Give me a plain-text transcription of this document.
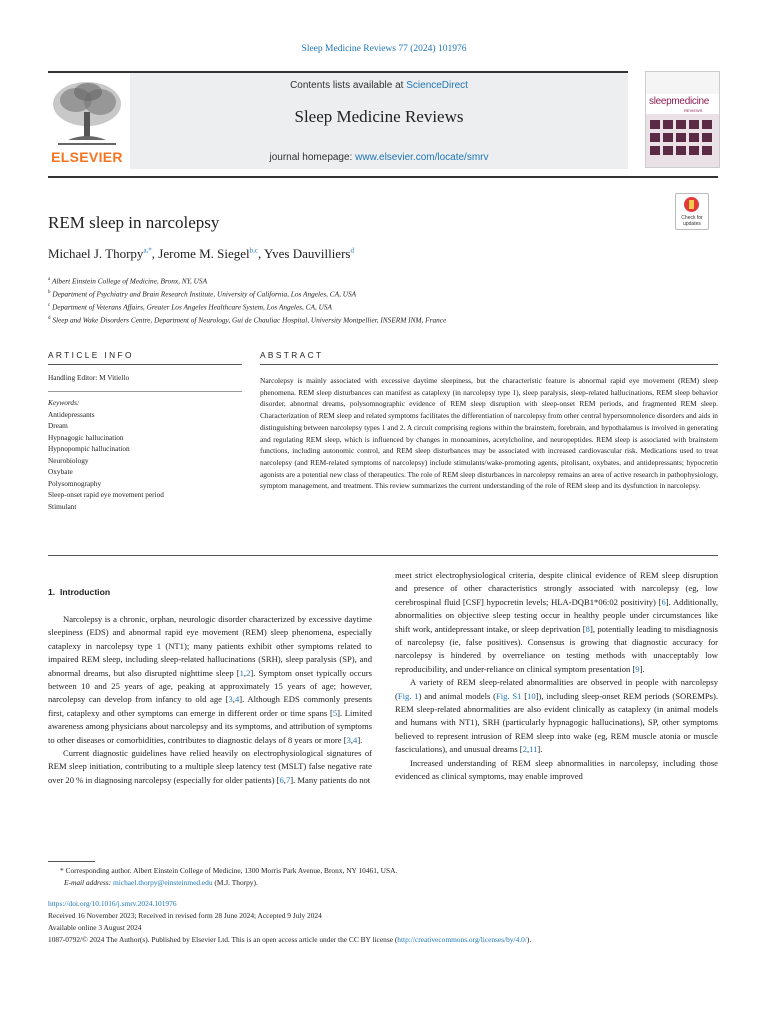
Sleep Medicine Reviews 77 (2024) 101976
ELSEVIER
Contents lists available at ScienceDirect
Sleep Medicine Reviews
journal homepage: www.elsevier.com/locate/smrv
sleepmedicine
REVIEWS
Check for updates
REM sleep in narcolepsy
Michael J. Thorpy$^{a,*}$, Jerome M. Siegel$^{b,c}$, Yves Dauvilliers$^d$
$^a$ Albert Einstein College of Medicine, Bronx, NY, USA
$^b$ Department of Psychiatry and Brain Research Institute, University of California, Los Angeles, CA, USA
$^c$ Department of Veterans Affairs, Greater Los Angeles Healthcare System, Los Angeles, CA, USA
$^d$ Sleep and Wake Disorders Centre, Department of Neurology, Gui de Chauliac Hospital, University Montpellier, INSERM INM, France
ARTICLE INFO	ABSTRACT
Handling Editor: M Vitiello
Keywords:
Antidepressants
Dream
Hypnagogic hallucination
Hypnopompic hallucination
Neurobiology
Oxybate
Polysomnography
Sleep-onset rapid eye movement period
Stimulant
Narcolepsy is mainly associated with excessive daytime sleepiness, but the characteristic feature is abnormal rapid eye movement (REM) sleep phenomena. REM sleep disturbances can manifest as cataplexy (in narcolepsy type 1), sleep paralysis, sleep-related hallucinations, REM sleep behavior disorder, abnormal dreams, polysomnographic evidence of REM sleep disruption with sleep-onset REM periods, and fragmented REM sleep. Characterization of REM sleep and related symptoms facilitates the differentiation of narcolepsy from other central hypersomnolence disorders and aids in distinguishing between narcolepsy types 1 and 2. A circuit comprising regions within the brainstem, forebrain, and hypothalamus is involved in generating and regulating REM sleep, which is influenced by changes in monoamines, acetylcholine, and neuropeptides. REM sleep is associated with brainstem functions, including autonomic control, and REM sleep disturbances may be associated with increased cardiovascular risk. Medications used to treat narcolepsy (and REM-related symptoms of narcolepsy) include stimulants/wake-promoting agents, pitolisant, oxybates, and antidepressants; hypocretin agonists are a potential new class of therapeutics. The role of REM sleep disturbances in narcolepsy remains an area of active research in pathophysiology, symptom management, and treatment. This review summarizes the current understanding of the role of REM sleep and its dysfunction in narcolepsy.
1. Introduction

Narcolepsy is a chronic, orphan, neurologic disorder characterized by excessive daytime sleepiness (EDS) and abnormal rapid eye movement (REM) sleep phenomena, especially cataplexy in narcolepsy type 1 (NT1); many patients exhibit other symptoms related to impaired REM sleep, including sleep-related hallucinations (SRH), sleep paralysis (SP), and abnormal dreams, but also disrupted nighttime sleep [1,2]. Symptom onset typically occurs between 10 and 25 years of age, peaking at approximately 15 years of age; however, narcolepsy can develop from infancy to old age [3,4]. Although EDS commonly presents first, cataplexy and other symptoms can emerge in different order or time spans [5]. Limited awareness among physicians about narcolepsy and its symptoms, and attribution of symptoms to other diseases or comorbidities, contributes to diagnostic delays of 8 years or more [3,4].

Current diagnostic guidelines have relied heavily on electrophysiological signatures of REM sleep initiation, contributing to a multiple sleep latency test (MSLT) false negative rate over 20 % in diagnosing narcolepsy (especially for older patients) [6,7]. Many patients do not

meet strict electrophysiological criteria, despite clinical evidence of REM sleep disruption and presence of other characteristics strongly associated with narcolepsy (eg, low cerebrospinal fluid [CSF] hypocretin levels; HLA-DQB1*06:02 positivity) [6]. Additionally, abnormalities on objective sleep testing occur in healthy people under circumstances like shift work, antidepressant intake, or sleep deprivation [8], potentially leading to misdiagnosis of narcolepsy (ie, false positives). Consensus is growing that diagnostic accuracy for narcolepsy is hindered by overreliance on testing methods with unacceptably low reproducibility, and under-reliance on clinical symptom presentation [9].

A variety of REM sleep-related abnormalities are observed in people with narcolepsy (Fig. 1) and animal models (Fig. S1 [10]), including sleep-onset REM periods (SOREMPs). REM sleep-related abnormalities are also evident clinically as cataplexy (in animal models and humans with NT1), SRH (particularly hypnagogic hallucinations), SP, other symptoms believed to represent intrusion of REM sleep into wake (eg, REM muscle atonia or muscle fasciculations), and unusual dreams [2,11].

Increased understanding of REM sleep abnormalities in narcolepsy, including those evidenced as clinical symptoms, may enable improved

* Corresponding author. Albert Einstein College of Medicine, 1300 Morris Park Avenue, Bronx, NY 10461, USA.
E-mail address: michael.thorpy@einsteinmed.edu (M.J. Thorpy).
https://doi.org/10.1016/j.smrv.2024.101976
Received 16 November 2023; Received in revised form 28 June 2024; Accepted 9 July 2024
Available online 3 August 2024
1087-0792/© 2024 The Author(s). Published by Elsevier Ltd. This is an open access article under the CC BY license (http://creativecommons.org/licenses/by/4.0/).
